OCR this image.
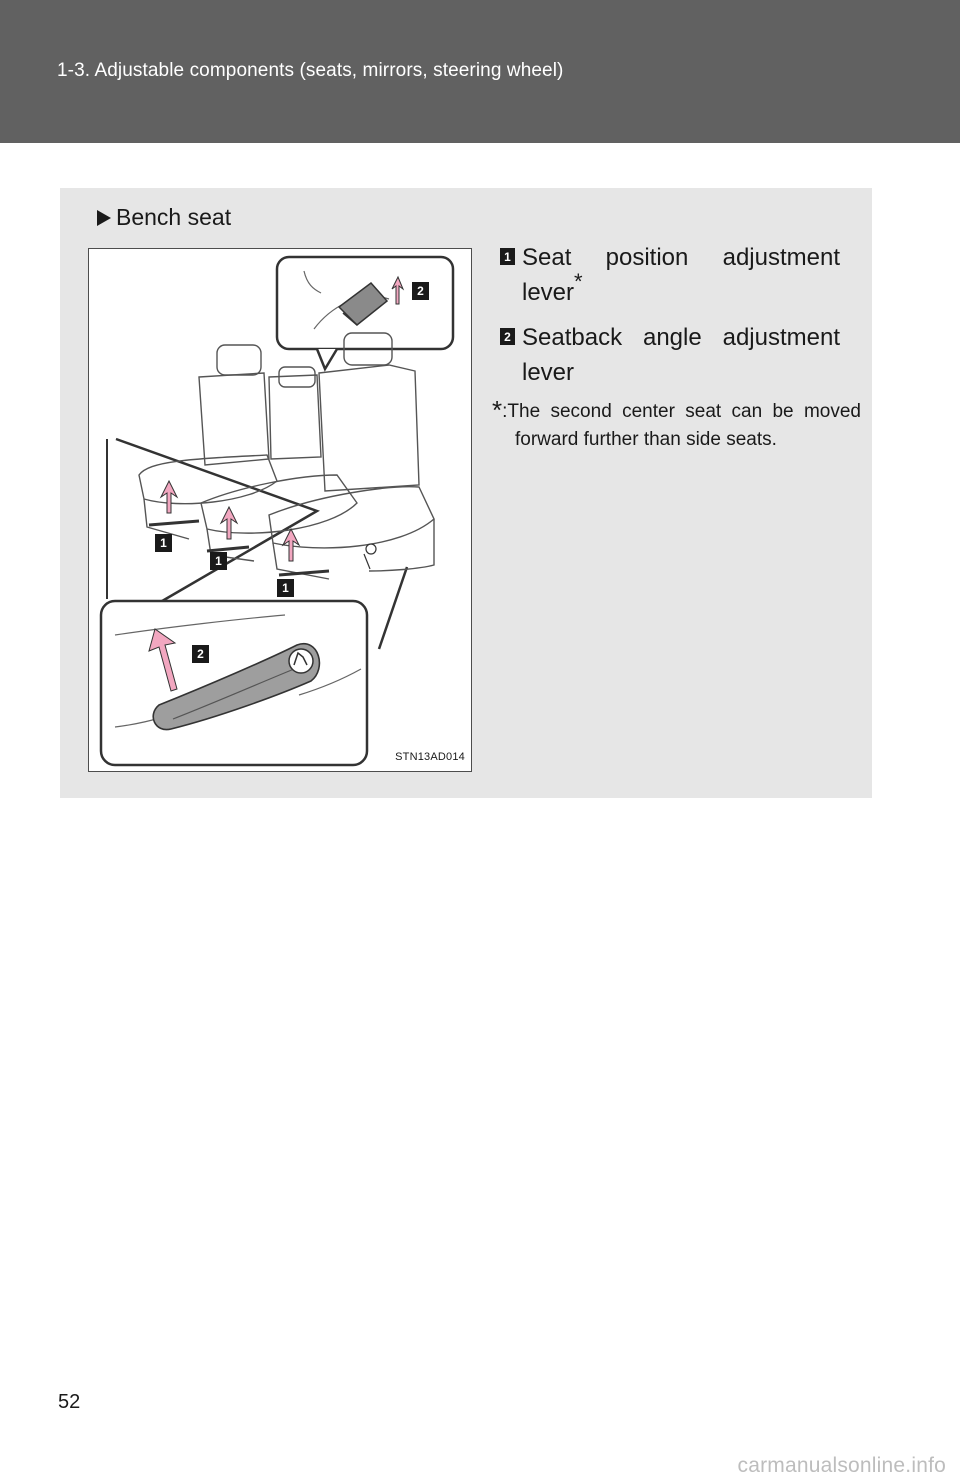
1-3. Adjustable components (seats, mirrors, steering wheel)
Bench seat
1
1
1
2
2
STN13AD014
1 Seat position adjustment lever*
2 Seatback angle adjustment lever
*:The second center seat can be moved forward further than side seats.
52
carmanualsonline.info
